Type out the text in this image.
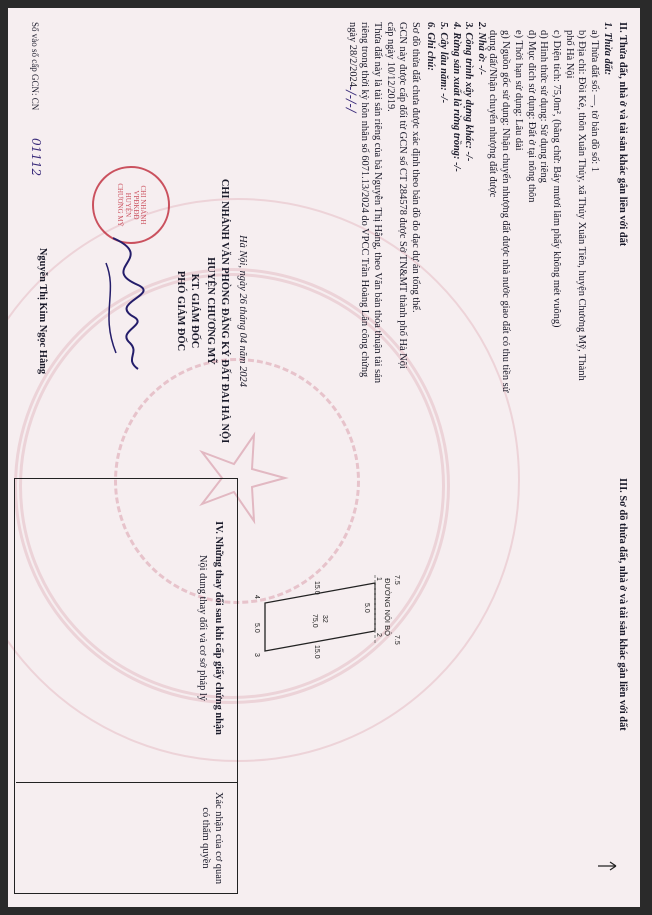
II. Thửa đất, nhà ở và tài sản khác gắn liền với đất
1. Thửa đất:
a) Thửa đất số: —, tờ bản đồ số: 1
b) Địa chỉ: Đồi Kè, thôn Xuân Thủy, xã Thủy Xuân Tiên, huyện Chương Mỹ, Thành
phố Hà Nội
c) Diện tích: 75,0m², (bằng chữ: Bảy mươi lăm phẩy không mét vuông)
d) Hình thức sử dụng: Sử dụng riêng
đ) Mục đích sử dụng: Đất ở tại nông thôn
e) Thời hạn sử dụng: Lâu dài
g) Nguồn gốc sử dụng: Nhận chuyển nhượng đất được nhà nước giao đất có thu tiền sử
dụng đất/Nhận chuyển nhượng đất được
2. Nhà ở: -/-
3. Công trình xây dựng khác: -/-
4. Rừng sản xuất là rừng trồng: -/-
5. Cây lâu năm: -/-
6. Ghi chú:
Sơ đồ thửa đất chưa được xác định theo bản đồ đo đạc dự án tổng thể.
GCN này được cấp đổi từ GCN số CT 284578 được Sở TN&MT thành phố Hà Nội
cấp ngày 10/12/2019.
Thửa đất này là tài sản riêng của bà Nguyễn Thị Hằng, theo Văn bản thỏa thuận tài sản
riêng trong thời kỳ hôn nhân số 6071.13/2024 do VPCC Trần Hoàng Lân công chứng
ngày 28/2/2024
-/-/-/
Hà Nội, ngày 26 tháng 04 năm 2024
CHI NHÁNH VĂN PHÒNG ĐĂNG KÝ ĐẤT ĐAI HÀ NỘI
HUYỆN CHƯƠNG MỸ
KT. GIÁM ĐỐC
PHÓ GIÁM ĐỐC
CHI NHÁNH
VPĐKĐĐ
HUYỆN
CHƯƠNG MỸ
Nguyễn Thị Kim Ngọc Hằng
Số vào sổ cấp GCN: CN
01112
III. Sơ đồ thửa đất, nhà ở và tài sản khác gắn liền với đất
ĐƯỜNG NỘI BỘ
32
75,0
7.5
7.5
5.0
15.0
15.0
5.0
1
2
3
4
IV. Những thay đổi sau khi cấp giấy chứng nhận
Nội dung thay đổi và cơ sở pháp lý
Xác nhận của cơ quan có thẩm quyền
